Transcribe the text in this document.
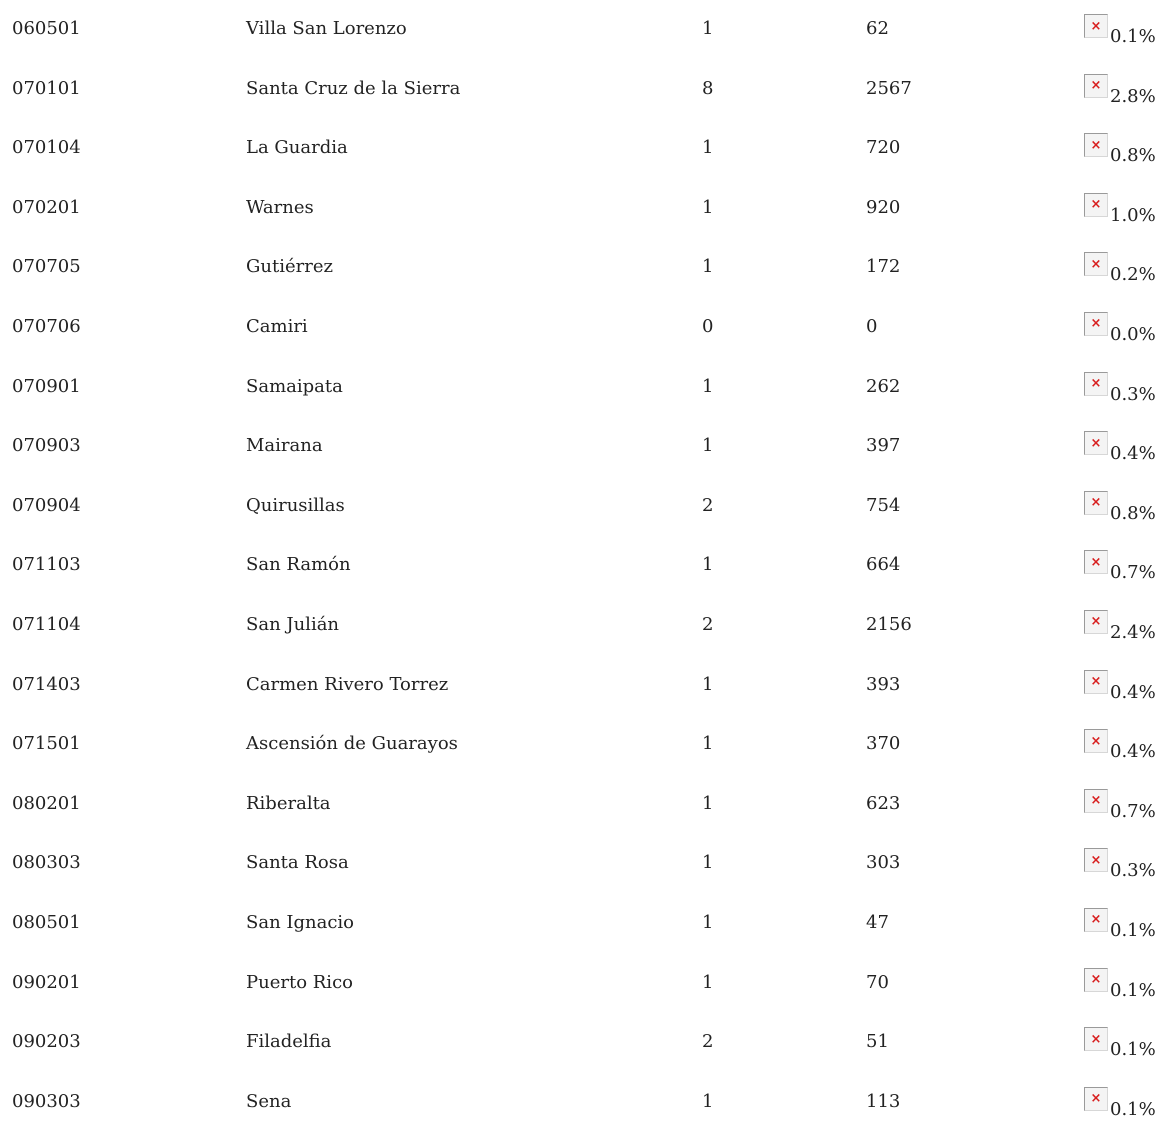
060501	Villa San Lorenzo	1	62	× 0.1%
070101	Santa Cruz de la Sierra	8	2567	× 2.8%
070104	La Guardia	1	720	× 0.8%
070201	Warnes	1	920	× 1.0%
070705	Gutiérrez	1	172	× 0.2%
070706	Camiri	0	0	× 0.0%
070901	Samaipata	1	262	× 0.3%
070903	Mairana	1	397	× 0.4%
070904	Quirusillas	2	754	× 0.8%
071103	San Ramón	1	664	× 0.7%
071104	San Julián	2	2156	× 2.4%
071403	Carmen Rivero Torrez	1	393	× 0.4%
071501	Ascensión de Guarayos	1	370	× 0.4%
080201	Riberalta	1	623	× 0.7%
080303	Santa Rosa	1	303	× 0.3%
080501	San Ignacio	1	47	× 0.1%
090201	Puerto Rico	1	70	× 0.1%
090203	Filadelfia	2	51	× 0.1%
090303	Sena	1	113	× 0.1%
